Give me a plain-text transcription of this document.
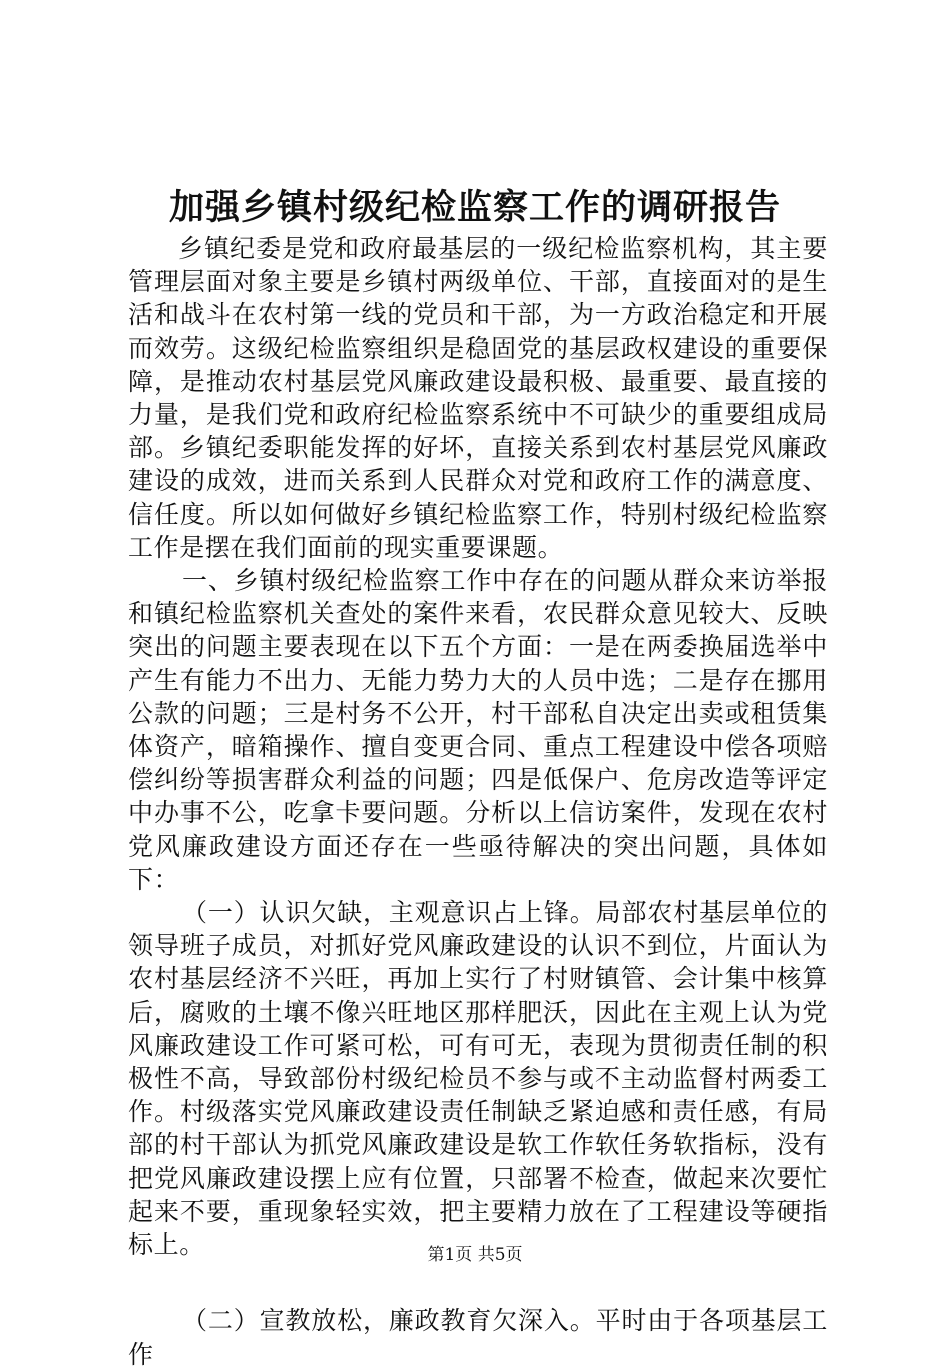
加强乡镇村级纪检监察工作的调研报告

乡镇纪委是党和政府最基层的一级纪检监察机构，其主要管理层面对象主要是乡镇村两级单位、干部，直接面对的是生活和战斗在农村第一线的党员和干部，为一方政治稳定和开展而效劳。这级纪检监察组织是稳固党的基层政权建设的重要保障，是推动农村基层党风廉政建设最积极、最重要、最直接的力量，是我们党和政府纪检监察系统中不可缺少的重要组成局部。乡镇纪委职能发挥的好坏，直接关系到农村基层党风廉政建设的成效，进而关系到人民群众对党和政府工作的满意度、信任度。所以如何做好乡镇纪检监察工作，特别村级纪检监察工作是摆在我们面前的现实重要课题。

一、乡镇村级纪检监察工作中存在的问题从群众来访举报和镇纪检监察机关查处的案件来看，农民群众意见较大、反映突出的问题主要表现在以下五个方面：一是在两委换届选举中产生有能力不出力、无能力势力大的人员中选；二是存在挪用公款的问题；三是村务不公开，村干部私自决定出卖或租赁集体资产，暗箱操作、擅自变更合同、重点工程建设中偿各项赔偿纠纷等损害群众利益的问题；四是低保户、危房改造等评定中办事不公，吃拿卡要问题。分析以上信访案件，发现在农村党风廉政建设方面还存在一些亟待解决的突出问题，具体如下：

（一）认识欠缺，主观意识占上锋。局部农村基层单位的领导班子成员，对抓好党风廉政建设的认识不到位，片面认为农村基层经济不兴旺，再加上实行了村财镇管、会计集中核算后，腐败的土壤不像兴旺地区那样肥沃，因此在主观上认为党风廉政建设工作可紧可松，可有可无，表现为贯彻责任制的积极性不高，导致部份村级纪检员不参与或不主动监督村两委工作。村级落实党风廉政建设责任制缺乏紧迫感和责任感，有局部的村干部认为抓党风廉政建设是软工作软任务软指标，没有把党风廉政建设摆上应有位置，只部署不检查，做起来次要忙起来不要，重现象轻实效，把主要精力放在了工程建设等硬指标上。

（二）宣教放松，廉政教育欠深入。平时由于各项基层工作

第1页 共5页
